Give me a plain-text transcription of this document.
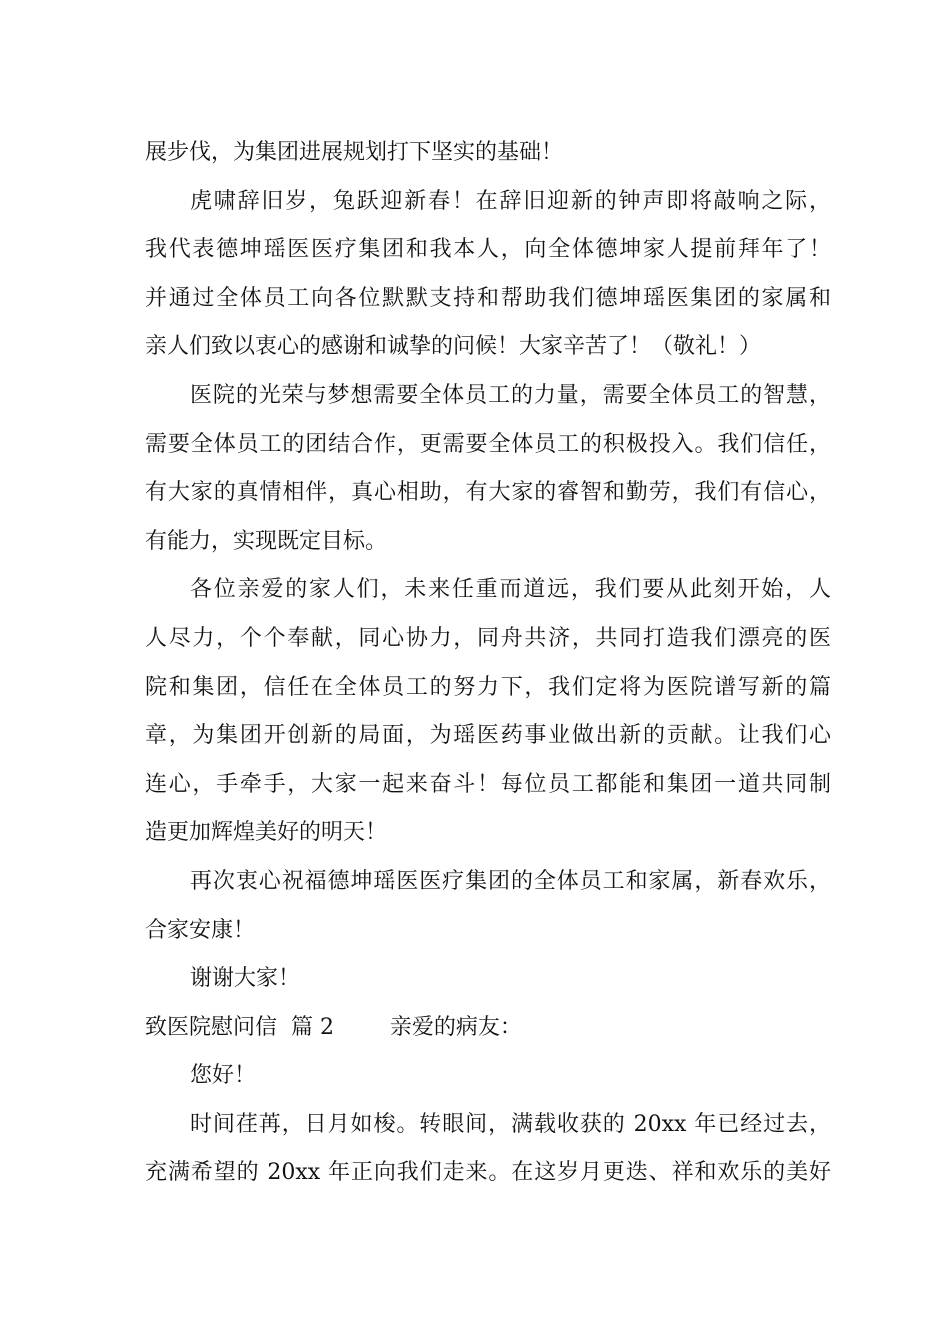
展步伐，为集团进展规划打下坚实的基础！
虎啸辞旧岁，兔跃迎新春！在辞旧迎新的钟声即将敲响之际，
我代表德坤瑶医医疗集团和我本人，向全体德坤家人提前拜年了！
并通过全体员工向各位默默支持和帮助我们德坤瑶医集团的家属和
亲人们致以衷心的感谢和诚挚的问候！大家辛苦了！（敬礼！）
医院的光荣与梦想需要全体员工的力量，需要全体员工的智慧，
需要全体员工的团结合作，更需要全体员工的积极投入。我们信任，
有大家的真情相伴，真心相助，有大家的睿智和勤劳，我们有信心，
有能力，实现既定目标。
各位亲爱的家人们，未来任重而道远，我们要从此刻开始，人
人尽力，个个奉献，同心协力，同舟共济，共同打造我们漂亮的医
院和集团，信任在全体员工的努力下，我们定将为医院谱写新的篇
章，为集团开创新的局面，为瑶医药事业做出新的贡献。让我们心
连心，手牵手，大家一起来奋斗！每位员工都能和集团一道共同制
造更加辉煌美好的明天！
再次衷心祝福德坤瑶医医疗集团的全体员工和家属，新春欢乐，
合家安康！
谢谢大家！
致医院慰问信  篇 2        亲爱的病友：
您好！
时间荏苒，日月如梭。转眼间，满载收获的 20xx 年已经过去，
充满希望的 20xx 年正向我们走来。在这岁月更迭、祥和欢乐的美好
